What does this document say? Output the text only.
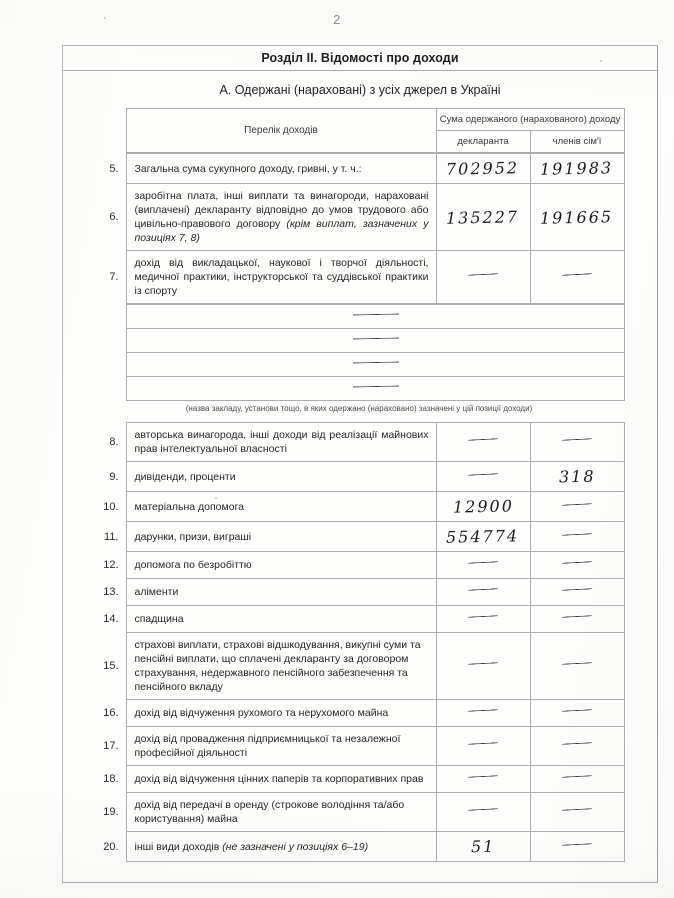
2
Розділ II. Відомості про доходи
А. Одержані (нараховані) з усіх джерел в Україні
	Перелік доходів	Сума одержаного (нарахованого) доходу	
		декларанта	членів сім'ї
5.	Загальна сума сукупного доходу, гривні, у т. ч.:	702952	191983
6.	заробітна плата, інші виплати та винагороди, нараховані (виплачені) декларанту відповідно до умов трудового або цивільно-правового договору (крім виплат, зазначених у позиціях 7, 8)	135227	191665
7.	дохід від викладацької, наукової і творчої діяльності, медичної практики, інструкторської та суддівської практики із спорту		

(назва закладу, установи тощо, в яких одержано (нараховано) зазначені у цій позиції доходи)
8.	авторська винагорода, інші доходи від реалізації майнових прав інтелектуальної власності		
9.	дивіденди, проценти		318
10.	матеріальна допомога	12900	
11.	дарунки, призи, виграші	554774	
12.	допомога по безробіттю		
13.	аліменти		
14.	спадщина		
15.	страхові виплати, страхові відшкодування, викупні суми та пенсійні виплати, що сплачені декларанту за договором страхування, недержавного пенсійного забезпечення та пенсійного вкладу		
16.	дохід від відчуження рухомого та нерухомого майна		
17.	дохід від провадження підприємницької та незалежної професійної діяльності		
18.	дохід від відчуження цінних паперів та корпоративних прав		
19.	дохід від передачі в оренду (строкове володіння та/або користування) майна		
20.	інші види доходів (не зазначені у позиціях 6–19)	51	
